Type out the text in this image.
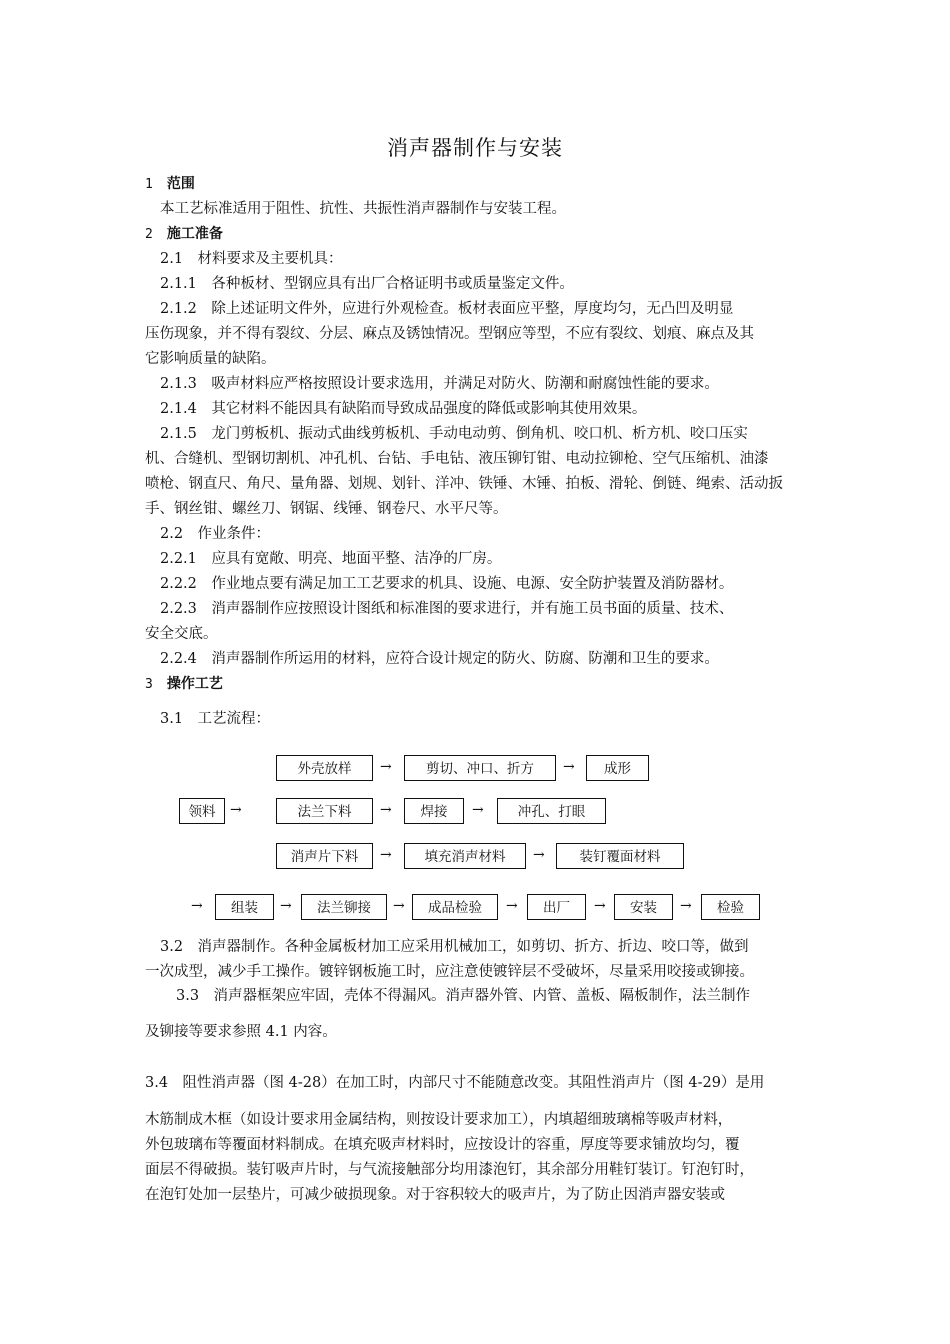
消声器制作与安装
1 范围
本工艺标准适用于阻性、抗性、共振性消声器制作与安装工程。
2 施工准备
2.1　材料要求及主要机具：
2.1.1　各种板材、型钢应具有出厂合格证明书或质量鉴定文件。
2.1.2　除上述证明文件外，应进行外观检查。板材表面应平整，厚度均匀，无凸凹及明显
压伤现象，并不得有裂纹、分层、麻点及锈蚀情况。型钢应等型，不应有裂纹、划痕、麻点及其
它影响质量的缺陷。
2.1.3　吸声材料应严格按照设计要求选用，并满足对防火、防潮和耐腐蚀性能的要求。
2.1.4　其它材料不能因具有缺陷而导致成品强度的降低或影响其使用效果。
2.1.5　龙门剪板机、振动式曲线剪板机、手动电动剪、倒角机、咬口机、析方机、咬口压实
机、合缝机、型钢切割机、冲孔机、台钻、手电钻、液压铆钉钳、电动拉铆枪、空气压缩机、油漆
喷枪、钢直尺、角尺、量角器、划规、划针、洋冲、铁锤、木锤、拍板、滑轮、倒链、绳索、活动扳
手、钢丝钳、螺丝刀、钢锯、线锤、钢卷尺、水平尺等。
2.2　作业条件：
2.2.1　应具有宽敞、明亮、地面平整、洁净的厂房。
2.2.2　作业地点要有满足加工工艺要求的机具、设施、电源、安全防护装置及消防器材。
2.2.3　消声器制作应按照设计图纸和标准图的要求进行，并有施工员书面的质量、技术、
安全交底。
2.2.4　消声器制作所运用的材料，应符合设计规定的防火、防腐、防潮和卫生的要求。
3 操作工艺
3.1　工艺流程：
外壳放样	→	剪切、冲口、折方	→	成形
领料	→	法兰下料	→	焊接	→	冲孔、打眼
消声片下料	→	填充消声材料	→	装钉覆面材料
→	组装	→	法兰铆接	→	成品检验	→	出厂	→	安装	→	检验
3.2　消声器制作。各种金属板材加工应采用机械加工，如剪切、折方、折边、咬口等，做到
一次成型，减少手工操作。镀锌钢板施工时，应注意使镀锌层不受破坏，尽量采用咬接或铆接。
3.3　消声器框架应牢固，壳体不得漏风。消声器外管、内管、盖板、隔板制作，法兰制作
及铆接等要求参照 4.1 内容。
3.4　阻性消声器（图 4-28）在加工时，内部尺寸不能随意改变。其阻性消声片（图 4-29）是用
木筋制成木框（如设计要求用金属结构，则按设计要求加工），内填超细玻璃棉等吸声材料，
外包玻璃布等覆面材料制成。在填充吸声材料时，应按设计的容重，厚度等要求铺放均匀，覆
面层不得破损。装钉吸声片时，与气流接触部分均用漆泡钉，其余部分用鞋钉装订。钉泡钉时，
在泡钉处加一层垫片，可减少破损现象。对于容积较大的吸声片，为了防止因消声器安装或
